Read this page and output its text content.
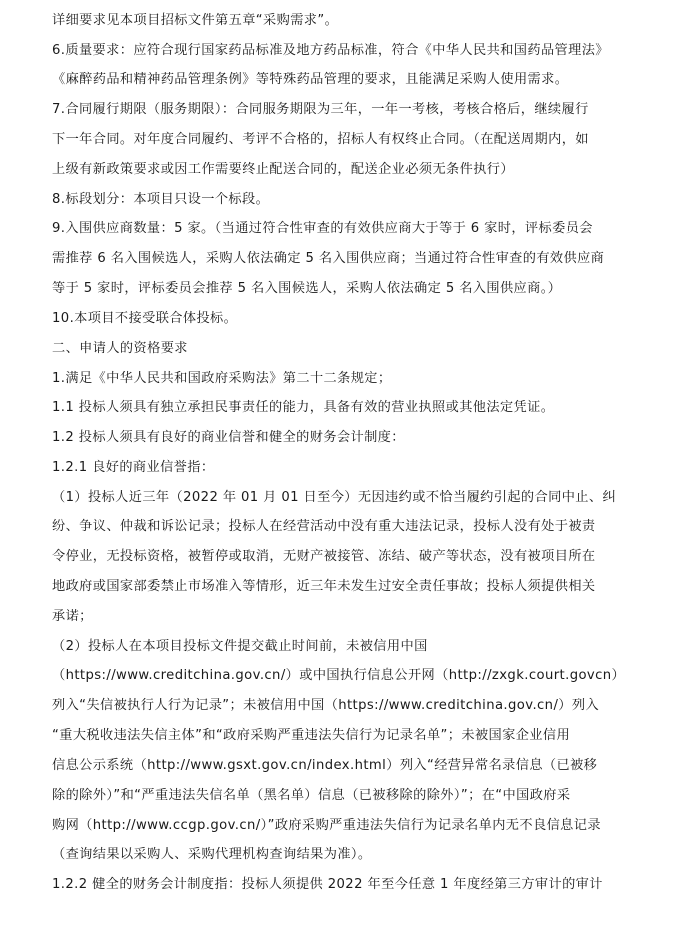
详细要求见本项目招标文件第五章“采购需求”。
6.质量要求：应符合现行国家药品标准及地方药品标准，符合《中华人民共和国药品管理法》
《麻醉药品和精神药品管理条例》等特殊药品管理的要求，且能满足采购人使用需求。
7.合同履行期限（服务期限）：合同服务期限为三年，一年一考核，考核合格后，继续履行
下一年合同。对年度合同履约、考评不合格的，招标人有权终止合同。（在配送周期内，如
上级有新政策要求或因工作需要终止配送合同的，配送企业必须无条件执行）
8.标段划分：本项目只设一个标段。
9.入围供应商数量：5 家。（当通过符合性审查的有效供应商大于等于 6 家时，评标委员会
需推荐 6 名入围候选人，采购人依法确定 5 名入围供应商；当通过符合性审查的有效供应商
等于 5 家时，评标委员会推荐 5 名入围候选人，采购人依法确定 5 名入围供应商。）
10.本项目不接受联合体投标。
二、申请人的资格要求
1.满足《中华人民共和国政府采购法》第二十二条规定；
1.1 投标人须具有独立承担民事责任的能力，具备有效的营业执照或其他法定凭证。
1.2 投标人须具有良好的商业信誉和健全的财务会计制度：
1.2.1 良好的商业信誉指：
（1）投标人近三年（2022 年 01 月 01 日至今）无因违约或不恰当履约引起的合同中止、纠
纷、争议、仲裁和诉讼记录；投标人在经营活动中没有重大违法记录，投标人没有处于被责
令停业，无投标资格，被暂停或取消，无财产被接管、冻结、破产等状态，没有被项目所在
地政府或国家部委禁止市场准入等情形，近三年未发生过安全责任事故；投标人须提供相关
承诺；
（2）投标人在本项目投标文件提交截止时间前，未被信用中国
（https://www.creditchina.gov.cn/）或中国执行信息公开网（http://zxgk.court.govcn）
列入“失信被执行人行为记录”；未被信用中国（https://www.creditchina.gov.cn/）列入
“重大税收违法失信主体”和“政府采购严重违法失信行为记录名单”；未被国家企业信用
信息公示系统（http://www.gsxt.gov.cn/index.html）列入“经营异常名录信息（已被移
除的除外）”和“严重违法失信名单（黑名单）信息（已被移除的除外）”；在“中国政府采
购网（http://www.ccgp.gov.cn/）”政府采购严重违法失信行为记录名单内无不良信息记录
（查询结果以采购人、采购代理机构查询结果为准）。
1.2.2 健全的财务会计制度指：投标人须提供 2022 年至今任意 1 年度经第三方审计的审计
